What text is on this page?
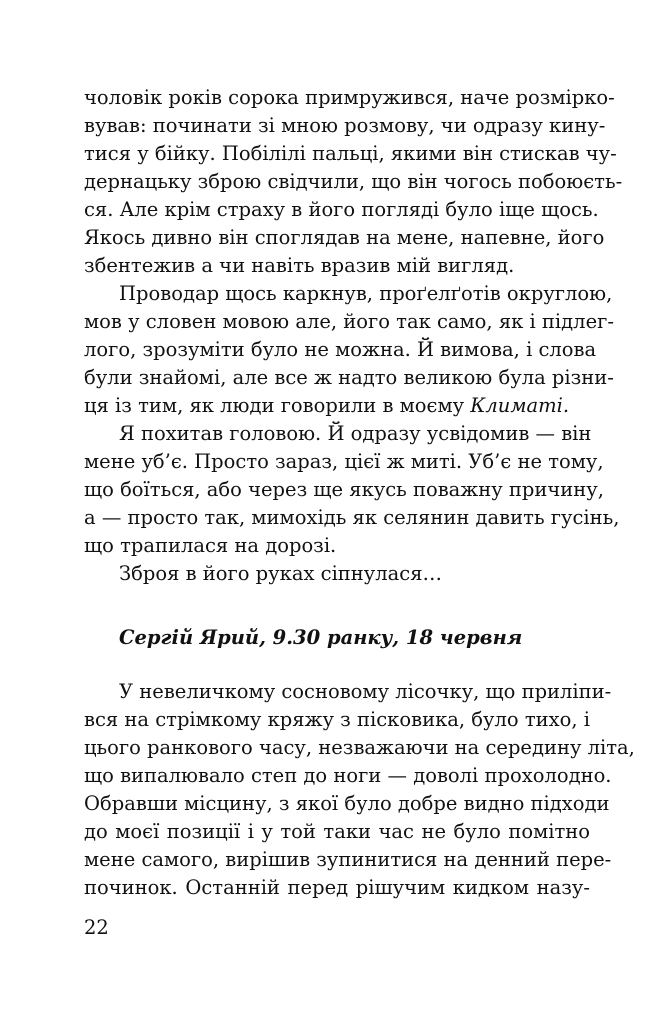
чоловік років сорока примружився, наче розмірко-
вував: починати зі мною розмову, чи одразу кину-
тися у бійку. Побілілі пальці, якими він стискав чу-
дернацьку зброю свідчили, що він чогось побоюєть-
ся. Але крім страху в його погляді було іще щось.
Якось дивно він споглядав на мене, напевне, його
збентежив а чи навіть вразив мій вигляд.
Проводар щось каркнув, проґелґотів округлою,
мов у словен мовою але, його так само, як і підлег-
лого, зрозуміти було не можна. Й вимова, і слова
були знайомі, але все ж надто великою була різни-
ця із тим, як люди говорили в моєму Климаті.
Я похитав головою. Й одразу усвідомив — він
мене уб’є. Просто зараз, цієї ж миті. Уб’є не тому,
що боїться, або через ще якусь поважну причину,
а — просто так, мимохідь як селянин давить гусінь,
що трапилася на дорозі.
Зброя в його руках сіпнулася…
Сергій Ярий, 9.30 ранку, 18 червня
У невеличкому сосновому лісочку, що приліпи-
вся на стрімкому кряжу з пісковика, було тихо, і
цього ранкового часу, незважаючи на середину літа,
що випалювало степ до ноги — доволі прохолодно.
Обравши місцину, з якої було добре видно підходи
до моєї позиції і у той таки час не було помітно
мене самого, вирішив зупинитися на денний пере-
починок. Останній перед рішучим кидком назу-
22
